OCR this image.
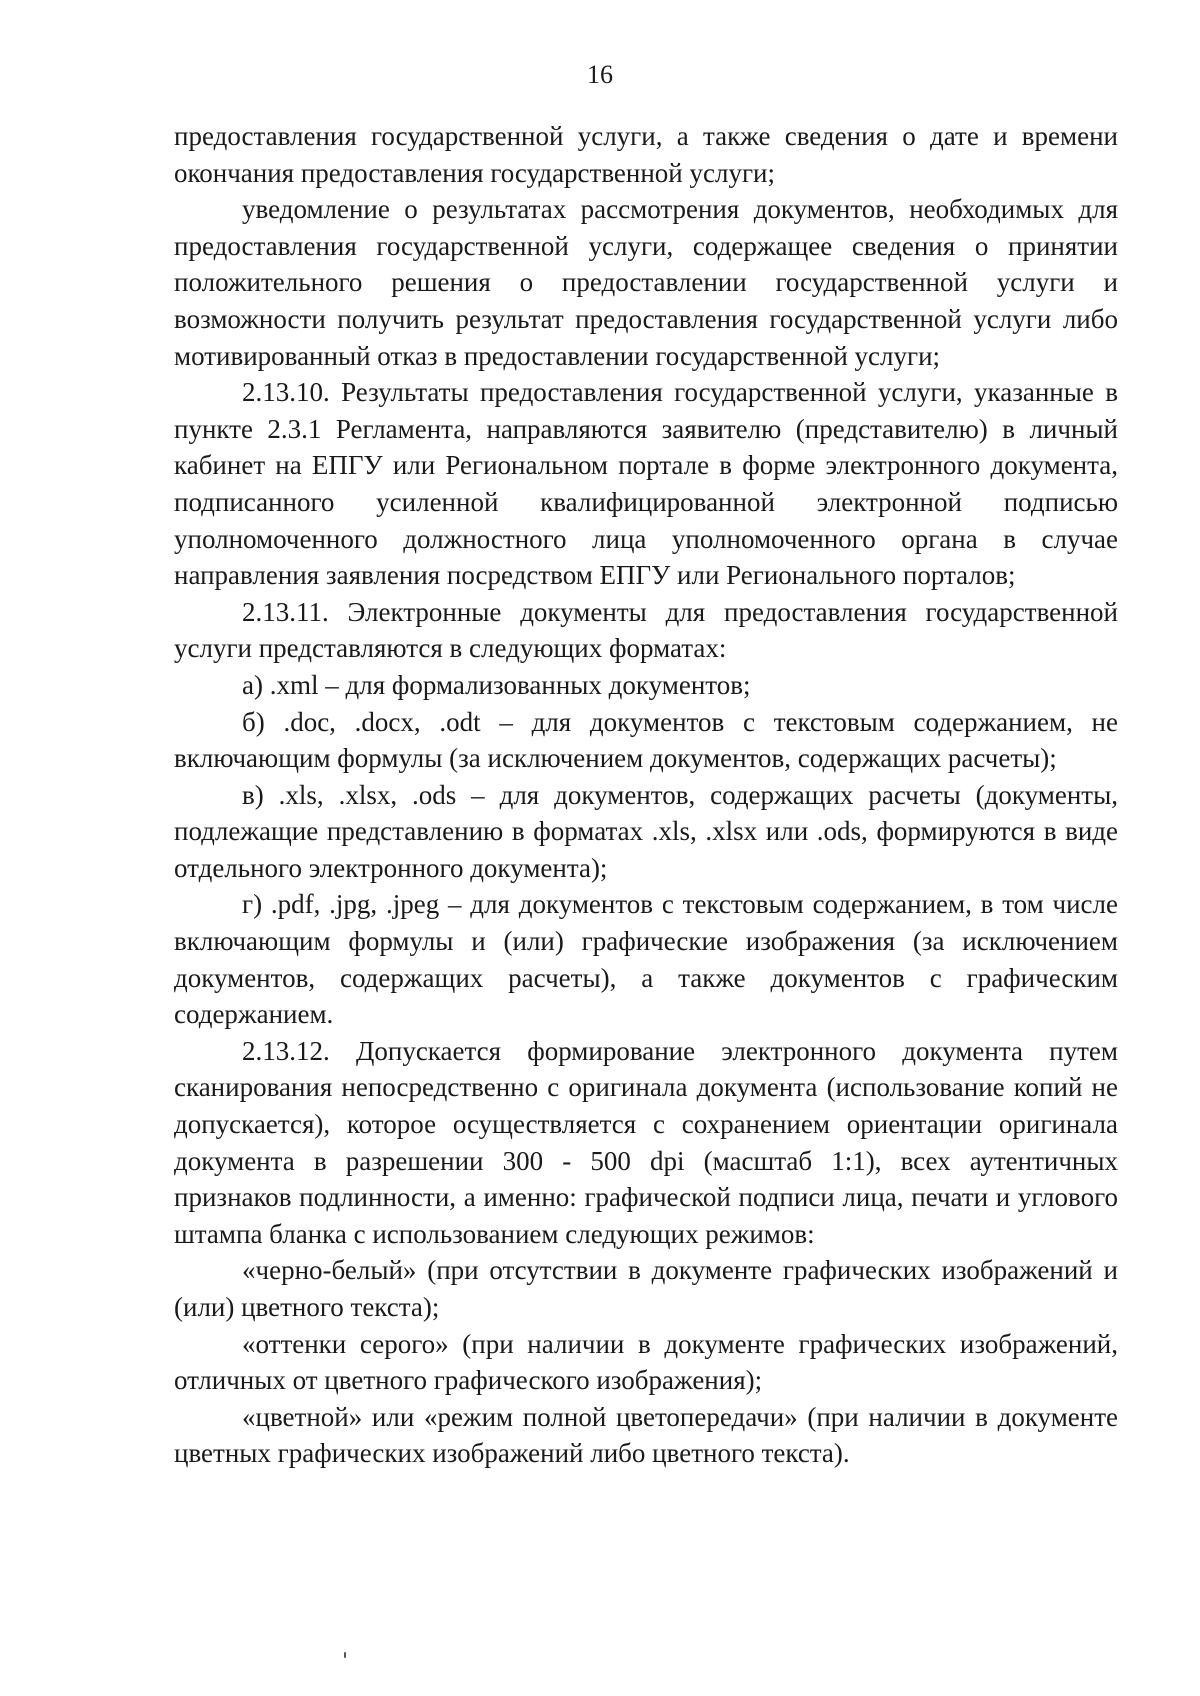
16

предоставления государственной услуги, а также сведения о дате и времени окончания предоставления государственной услуги;

уведомление о результатах рассмотрения документов, необходимых для предоставления государственной услуги, содержащее сведения о принятии положительного решения о предоставлении государственной услуги и возможности получить результат предоставления государственной услуги либо мотивированный отказ в предоставлении государственной услуги;

2.13.10. Результаты предоставления государственной услуги, указанные в пункте 2.3.1 Регламента, направляются заявителю (представителю) в личный кабинет на ЕПГУ или Региональном портале в форме электронного документа, подписанного усиленной квалифицированной электронной подписью уполномоченного должностного лица уполномоченного органа в случае направления заявления посредством ЕПГУ или Регионального порталов;

2.13.11. Электронные документы для предоставления государственной услуги представляются в следующих форматах:

а) .xml – для формализованных документов;

б) .doc, .docx, .odt – для документов с текстовым содержанием, не включающим формулы (за исключением документов, содержащих расчеты);

в) .xls, .xlsx, .ods – для документов, содержащих расчеты (документы, подлежащие представлению в форматах .xls, .xlsx или .ods, формируются в виде отдельного электронного документа);

г) .pdf, .jpg, .jpeg – для документов с текстовым содержанием, в том числе включающим формулы и (или) графические изображения (за исключением документов, содержащих расчеты), а также документов с графическим содержанием.

2.13.12. Допускается формирование электронного документа путем сканирования непосредственно с оригинала документа (использование копий не допускается), которое осуществляется с сохранением ориентации оригинала документа в разрешении 300 - 500 dpi (масштаб 1:1), всех аутентичных признаков подлинности, а именно: графической подписи лица, печати и углового штампа бланка с использованием следующих режимов:

«черно-белый» (при отсутствии в документе графических изображений и (или) цветного текста);

«оттенки серого» (при наличии в документе графических изображений, отличных от цветного графического изображения);

«цветной» или «режим полной цветопередачи» (при наличии в документе цветных графических изображений либо цветного текста).
